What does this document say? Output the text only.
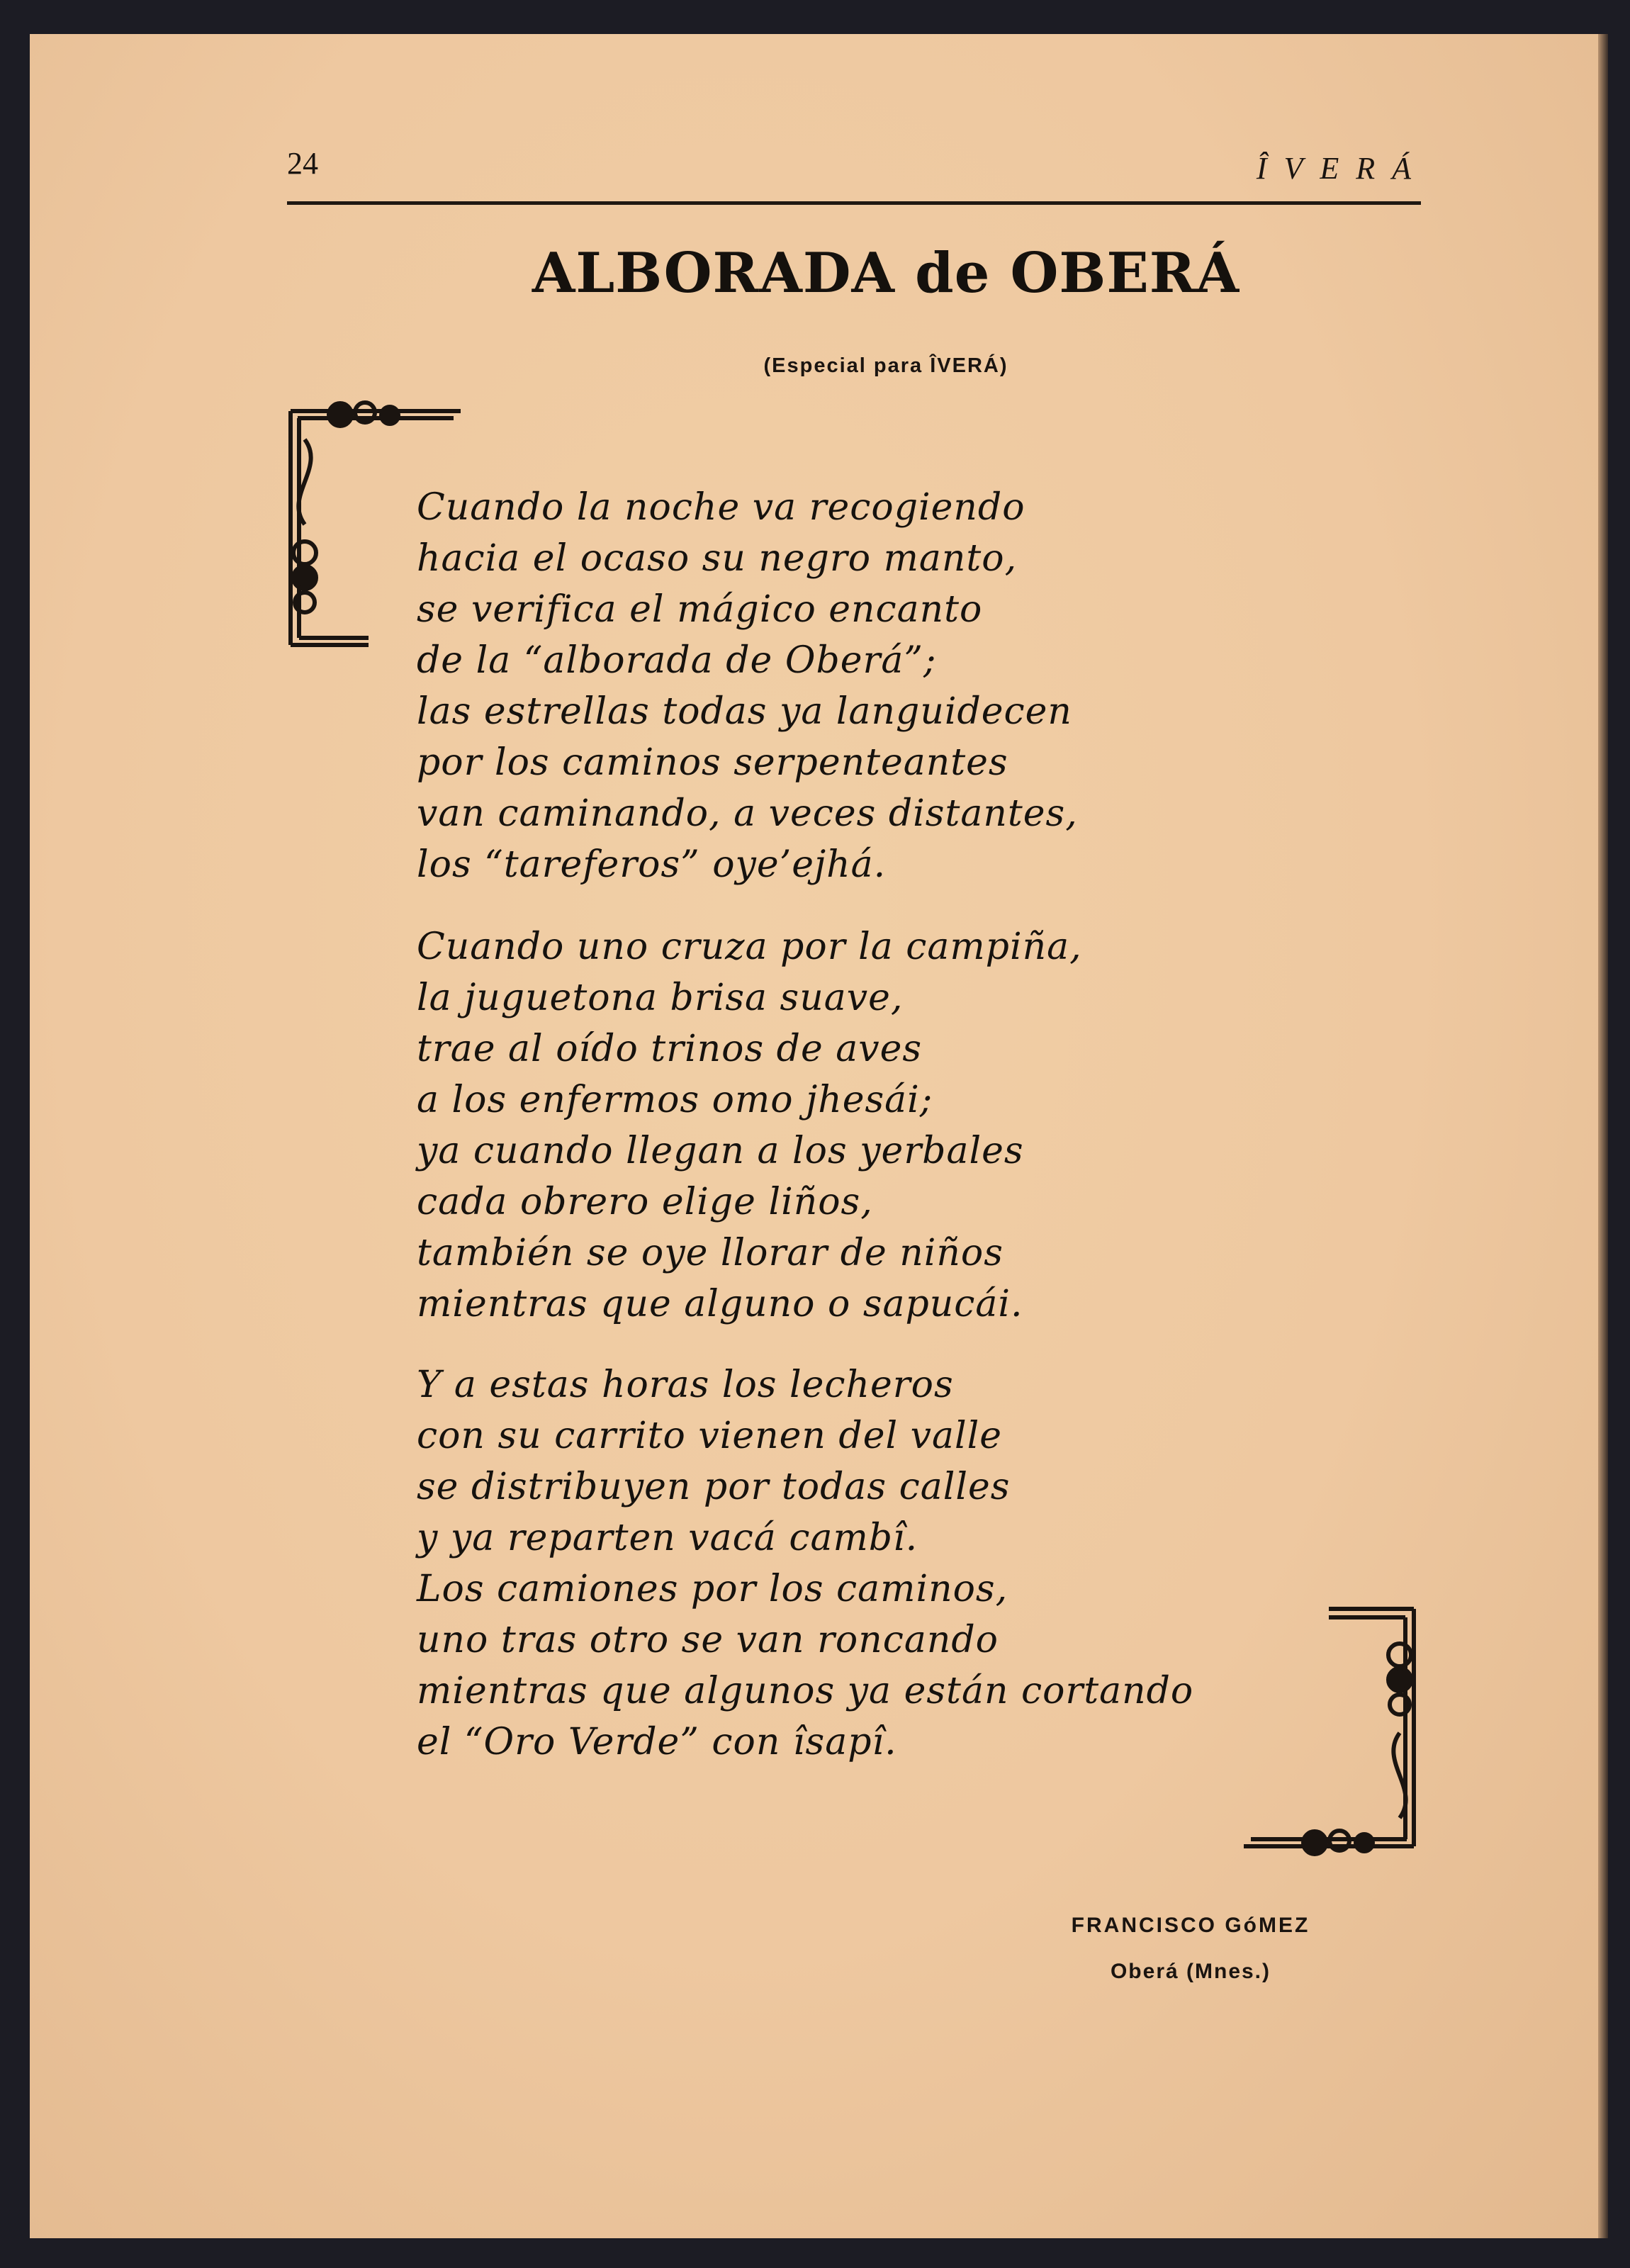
24	ÎVERÁ
ALBORADA de OBERÁ
(Especial para ÎVERÁ)
Cuando la noche va recogiendo
hacia el ocaso su negro manto,
se verifica el mágico encanto
de la “alborada de Oberá”;
las estrellas todas ya languidecen
por los caminos serpenteantes
van caminando, a veces distantes,
los “tareferos” oye’ejhá.
Cuando uno cruza por la campiña,
la juguetona brisa suave,
trae al oído trinos de aves
a los enfermos omo jhesái;
ya cuando llegan a los yerbales
cada obrero elige liños,
también se oye llorar de niños
mientras que alguno o sapucái.
Y a estas horas los lecheros
con su carrito vienen del valle
se distribuyen por todas calles
y ya reparten vacá cambî.
Los camiones por los caminos,
uno tras otro se van roncando
mientras que algunos ya están cortando
el “Oro Verde” con îsapî.
FRANCISCO GóMEZ
Oberá (Mnes.)
